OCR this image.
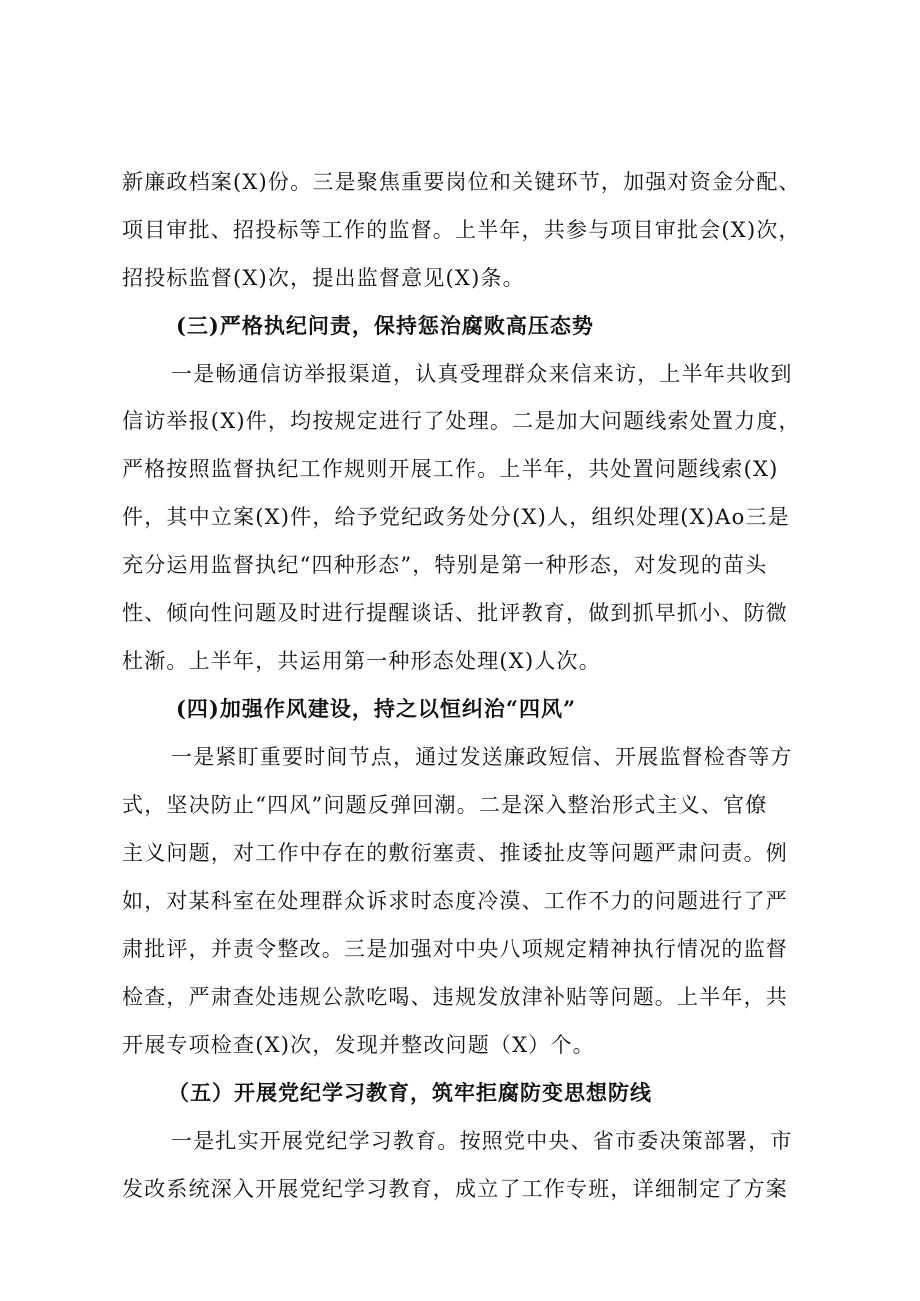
新廉政档案(X)份。三是聚焦重要岗位和关键环节，加强对资金分配、
项目审批、招投标等工作的监督。上半年，共参与项目审批会(X)次，
招投标监督(X)次，提出监督意见(X)条。
(三)严格执纪问责，保持惩治腐败高压态势
一是畅通信访举报渠道，认真受理群众来信来访，上半年共收到
信访举报(X)件，均按规定进行了处理。二是加大问题线索处置力度，
严格按照监督执纪工作规则开展工作。上半年，共处置问题线索(X)
件，其中立案(X)件，给予党纪政务处分(X)人，组织处理(X)Ao三是
充分运用监督执纪“四种形态”，特别是第一种形态，对发现的苗头
性、倾向性问题及时进行提醒谈话、批评教育，做到抓早抓小、防微
杜渐。上半年，共运用第一种形态处理(X)人次。
(四)加强作风建设，持之以恒纠治“四风”
一是紧盯重要时间节点，通过发送廉政短信、开展监督检杳等方
式，坚决防止“四风”问题反弹回潮。二是深入整治形式主义、官僚
主义问题，对工作中存在的敷衍塞责、推诿扯皮等问题严肃问责。例
如，对某科室在处理群众诉求时态度冷漠、工作不力的问题进行了严
肃批评，并责令整改。三是加强对中央八项规定精神执行情况的监督
检查，严肃查处违规公款吃喝、违规发放津补贴等问题。上半年，共
开展专项检查(X)次，发现并整改问题（X）个。
（五）开展党纪学习教育，筑牢拒腐防变思想防线
一是扎实开展党纪学习教育。按照党中央、省市委决策部署，市
发改系统深入开展党纪学习教育，成立了工作专班，详细制定了方案
